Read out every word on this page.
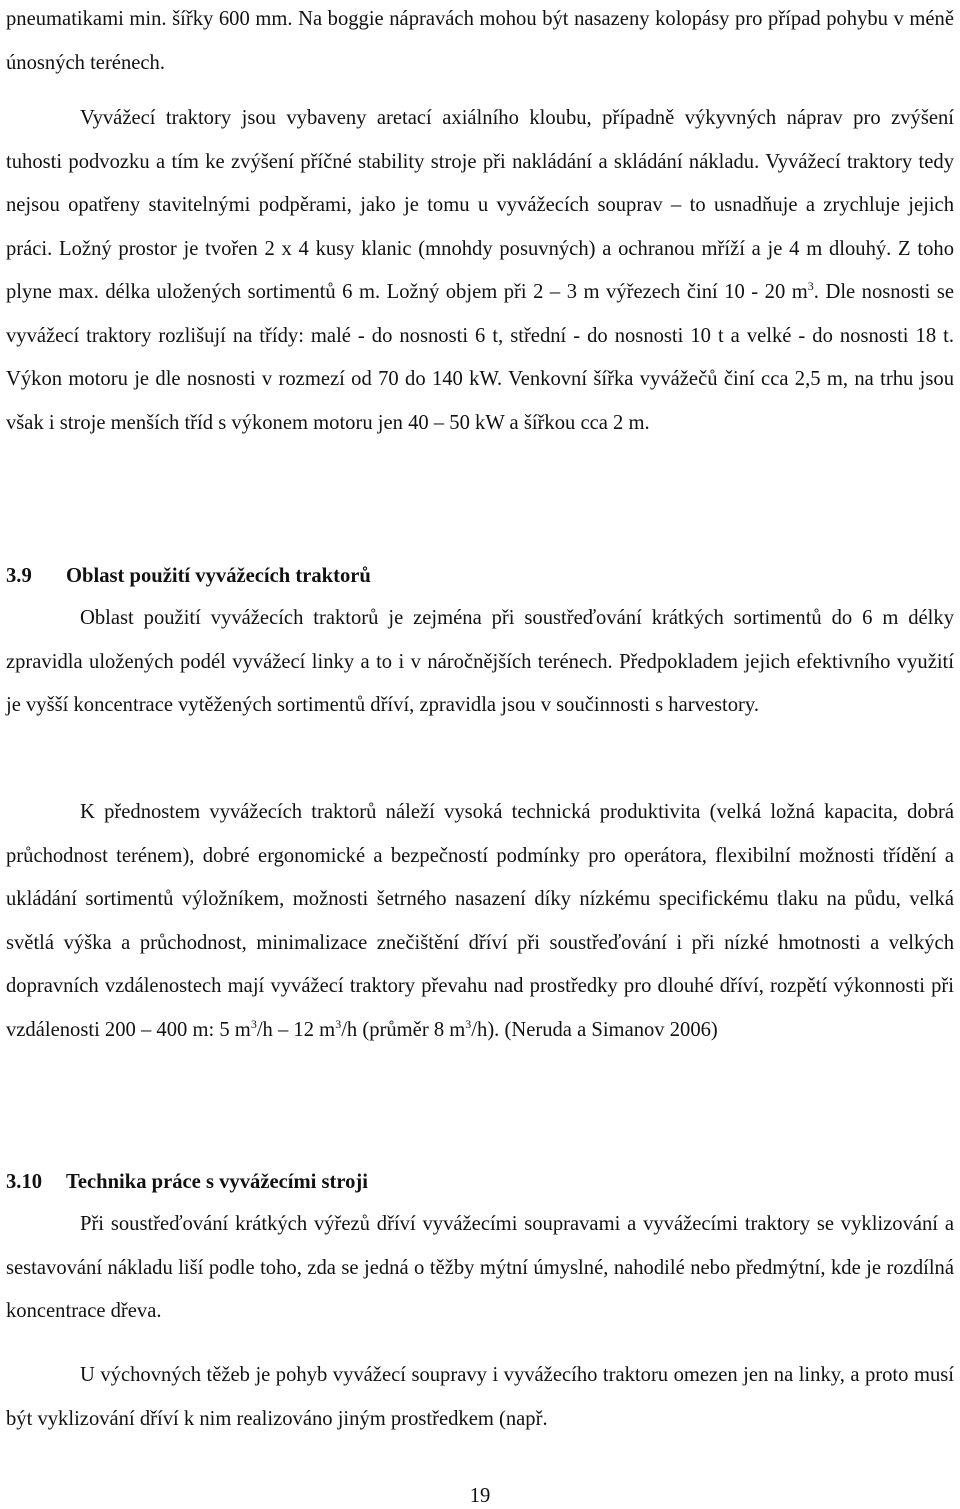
pneumatikami min. šířky 600 mm. Na boggie nápravách mohou být nasazeny kolopásy pro případ pohybu v méně únosných terénech.

Vyvážecí traktory jsou vybaveny aretací axiálního kloubu, případně výkyvných náprav pro zvýšení tuhosti podvozku a tím ke zvýšení příčné stability stroje při nakládání a skládání nákladu. Vyvážecí traktory tedy nejsou opatřeny stavitelnými podpěrami, jako je tomu u vyvážecích souprav – to usnadňuje a zrychluje jejich práci. Ložný prostor je tvořen 2 x 4 kusy klanic (mnohdy posuvných) a ochranou mříží a je 4 m dlouhý. Z toho plyne max. délka uložených sortimentů 6 m. Ložný objem při 2 – 3 m výřezech činí 10 - 20 $m^3$. Dle nosnosti se vyvážecí traktory rozlišují na třídy: malé - do nosnosti 6 t, střední - do nosnosti 10 t a velké - do nosnosti 18 t. Výkon motoru je dle nosnosti v rozmezí od 70 do 140 kW. Venkovní šířka vyvážečů činí cca 2,5 m, na trhu jsou však i stroje menších tříd s výkonem motoru jen 40 – 50 kW a šířkou cca 2 m.

3.9 Oblast použití vyvážecích traktorů

Oblast použití vyvážecích traktorů je zejména při soustřeďování krátkých sortimentů do 6 m délky zpravidla uložených podél vyvážecí linky a to i v náročnějších terénech. Předpokladem jejich efektivního využití je vyšší koncentrace vytěžených sortimentů dříví, zpravidla jsou v součinnosti s harvestory.

K přednostem vyvážecích traktorů náleží vysoká technická produktivita (velká ložná kapacita, dobrá průchodnost terénem), dobré ergonomické a bezpečností podmínky pro operátora, flexibilní možnosti třídění a ukládání sortimentů výložníkem, možnosti šetrného nasazení díky nízkému specifickému tlaku na půdu, velká světlá výška a průchodnost, minimalizace znečištění dříví při soustřeďování i při nízké hmotnosti a velkých dopravních vzdálenostech mají vyvážecí traktory převahu nad prostředky pro dlouhé dříví, rozpětí výkonnosti při vzdálenosti 200 – 400 m: 5 $m^3/h - 12$ $m^3/h$ (průměr 8 $m^3/h$). (Neruda a Simanov 2006)

3.10 Technika práce s vyvážecími stroji

Při soustřeďování krátkých výřezů dříví vyvážecími soupravami a vyvážecími traktory se vyklizování a sestavování nákladu liší podle toho, zda se jedná o těžby mýtní úmyslné, nahodilé nebo předmýtní, kde je rozdílná koncentrace dřeva.

U výchovných těžeb je pohyb vyvážecí soupravy i vyvážecího traktoru omezen jen na linky, a proto musí být vyklizování dříví k nim realizováno jiným prostředkem (např.

19
